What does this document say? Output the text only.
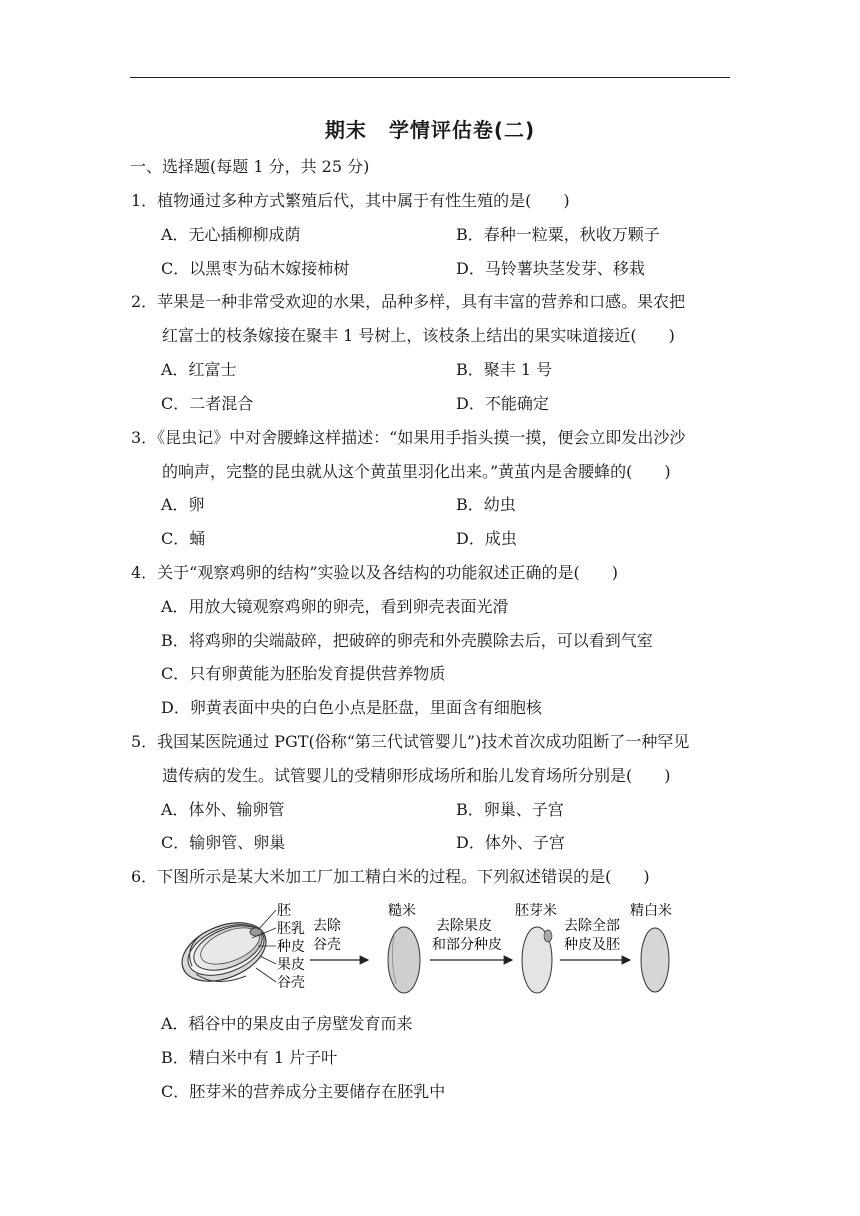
期末 学情评估卷(二)
一、选择题(每题 1 分，共 25 分)
1．植物通过多种方式繁殖后代，其中属于有性生殖的是(　　)
A．无心插柳柳成荫	B．春种一粒粟，秋收万颗子
C．以黑枣为砧木嫁接柿树	D．马铃薯块茎发芽、移栽
2．苹果是一种非常受欢迎的水果，品种多样，具有丰富的营养和口感。果农把
红富士的枝条嫁接在聚丰 1 号树上，该枝条上结出的果实味道接近(　　)
A．红富士	B．聚丰 1 号
C．二者混合	D．不能确定
3．《昆虫记》中对舍腰蜂这样描述：“如果用手指头摸一摸，便会立即发出沙沙
的响声，完整的昆虫就从这个黄茧里羽化出来。”黄茧内是舍腰蜂的(　　)
A．卵	B．幼虫
C．蛹	D．成虫
4．关于“观察鸡卵的结构”实验以及各结构的功能叙述正确的是(　　)
A．用放大镜观察鸡卵的卵壳，看到卵壳表面光滑
B．将鸡卵的尖端敲碎，把破碎的卵壳和外壳膜除去后，可以看到气室
C．只有卵黄能为胚胎发育提供营养物质
D．卵黄表面中央的白色小点是胚盘，里面含有细胞核
5．我国某医院通过 PGT(俗称“第三代试管婴儿”)技术首次成功阻断了一种罕见
遗传病的发生。试管婴儿的受精卵形成场所和胎儿发育场所分别是(　　)
A．体外、输卵管	B．卵巢、子宫
C．输卵管、卵巢	D．体外、子宫
6．下图所示是某大米加工厂加工精白米的过程。下列叙述错误的是(　　)
胚
胚乳
种皮
果皮
谷壳
去除
谷壳
糙米
去除果皮
和部分种皮
胚芽米
去除全部
种皮及胚
精白米
A．稻谷中的果皮由子房壁发育而来
B．精白米中有 1 片子叶
C．胚芽米的营养成分主要储存在胚乳中
